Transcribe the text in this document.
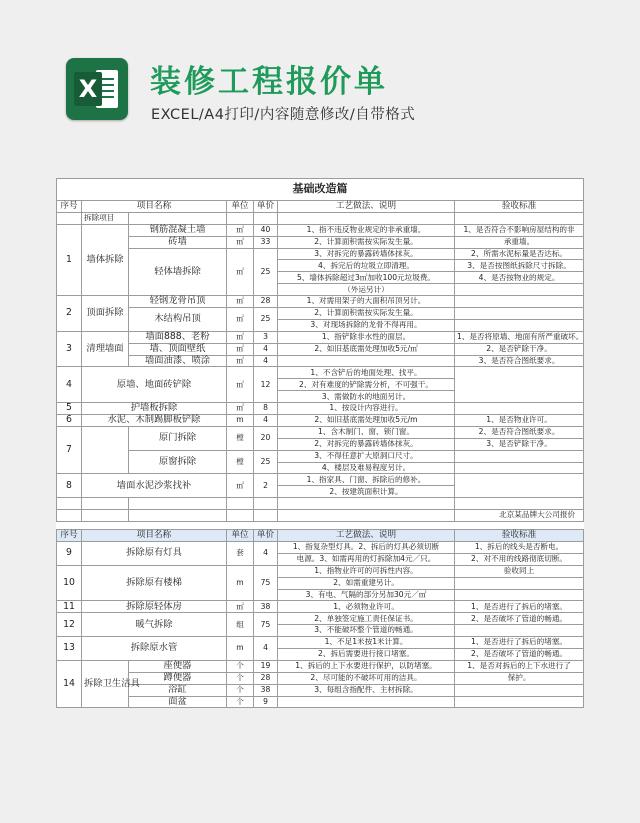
X 装修工程报价单
EXCEL/A4打印/内容随意修改/自带格式
基础改造篇						
序号	项目名称		单位	单价	工艺做法、说明	验收标准
	拆除项目					
1	墙体拆除	钢筋混凝土墙	㎡	40	1、指不违反物业规定的非承重墙。	1、是否符合不影响房屋结构的非
		砖墙	㎡	33	2、计算面积需按实际发生量。	承重墙。
		轻体墙拆除	㎡	25	3、对拆完的暴露砖墙体抹灰。	2、所需水泥标量是否达标。
					4、拆完后的垃圾立即清理。	3、是否按图纸拆除尺寸拆除。
					5、墙体拆除超过3㎡加收100元垃圾费。	4、是否按物业的规定。
					（外运另计）	
2	顶面拆除	轻钢龙骨吊顶	㎡	28	1、对需用架子的大面积吊顶另计。	
		木结构吊顶	㎡	25	2、计算面积需按实际发生量。	
					3、对现场拆除的龙骨不得再用。	
3	清理墙面	墙面888、老粉	㎡	3	1、指铲除非水性的面层。	1、是否将原墙、地面有所严重破坏。
		墙、顶面壁纸	㎡	4	2、如旧基底需处理加收5元/㎡	2、是否铲除干净。
		墙面油漆、喷涂	㎡	4		3、是否符合图纸要求。
4	原墙、地面砖铲除		㎡	12	1、不含铲后的地面处理、找平。	
					2、对有难度的铲除需分析，不可强干。	
					3、需做防水的地面另计。	
5	护墙板拆除		㎡	8	1、按设计内容进行。	
6	水泥、木制踢脚板铲除		m	4	2、如旧基底需处理加收5元/m	1、是否物业许可。
7		原门拆除	樘	20	1、含木制门、窗、锁门窗。	2、是否符合图纸要求。
					2、对拆完的暴露砖墙体抹灰。	3、是否铲除干净。
		原窗拆除	樘	25	3、不得任意扩大原洞口尺寸。	
					4、楼层及难易程度另计。	
8	墙面水泥沙浆找补		㎡	2	1、指家具、门窗、拆除后的修补。	
					2、按建筑面积计算。	

						北京某品牌大公司报价

序号	项目名称		单位	单价	工艺做法、说明	验收标准
9	拆除原有灯具		套	4	1、指复杂型灯具。2、拆后的灯具必须切断	1、拆后的线头是否断电。
					电源。3、如需再用的灯拆除加4元／只。	2、对不用的线路彻底切断。
10	拆除原有楼梯		m	75	1、指物业许可的可拆性内容。	验收同上
					2、如需重建另计。	
					3、有电、气隔的部分另加30元／㎡	
11	拆除原轻体房		㎡	38	1、必须物业许可。	1、是否进行了拆后的堵塞。
12	暖气拆除		组	75	2、单独签定施工责任保证书。	2、是否破坏了管道的畅通。
					3、不能破坏整个管道的畅通。	
13	拆除原水管		m	4	1、不足1米按1米计算。	1、是否进行了拆后的堵塞。
					2、拆后需要进行接口堵塞。	2、是否破坏了管道的畅通。
14	拆除卫生洁具	座便器	个	19	1、拆后的上下水要进行保护，以防堵塞。	1、是否对拆后的上下水进行了
		蹲便器	个	28	2、尽可能的不破坏可用的洁具。	保护。
		浴缸	个	38	3、每组含指配件、主材拆除。	
		面盆	个	9		
